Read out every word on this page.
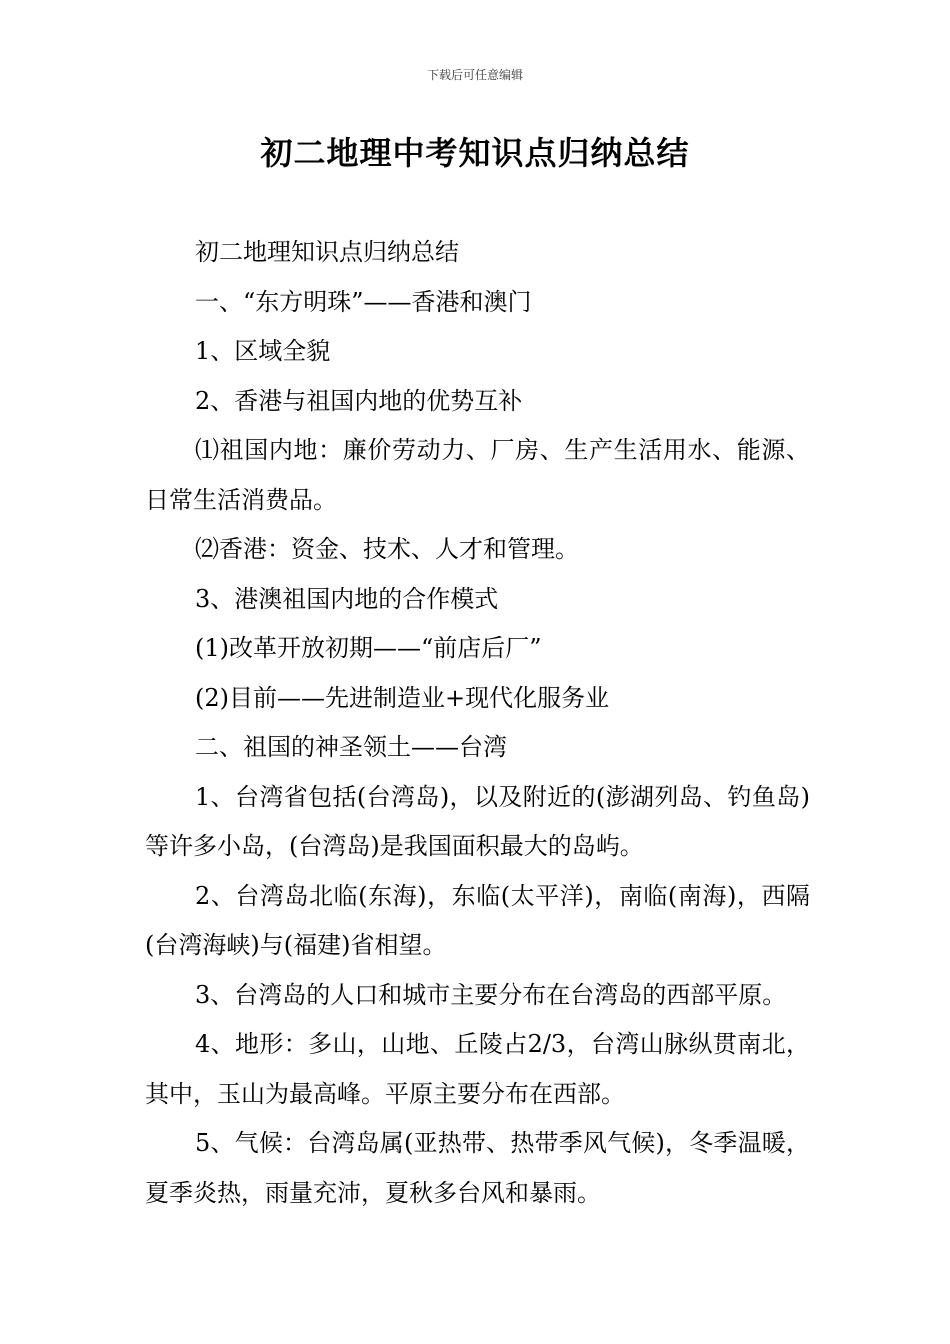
下载后可任意编辑
初二地理中考知识点归纳总结

初二地理知识点归纳总结

一、“东方明珠”——香港和澳门

1、区域全貌

2、香港与祖国内地的优势互补

⑴祖国内地：廉价劳动力、厂房、生产生活用水、能源、日常生活消费品。

⑵香港：资金、技术、人才和管理。

3、港澳祖国内地的合作模式

(1)改革开放初期——“前店后厂”

(2)目前——先进制造业+现代化服务业

二、祖国的神圣领土——台湾

1、台湾省包括(台湾岛)，以及附近的(澎湖列岛、钓鱼岛)等许多小岛，(台湾岛)是我国面积最大的岛屿。

2、台湾岛北临(东海)，东临(太平洋)，南临(南海)，西隔(台湾海峡)与(福建)省相望。

3、台湾岛的人口和城市主要分布在台湾岛的西部平原。

4、地形：多山，山地、丘陵占2/3，台湾山脉纵贯南北，其中，玉山为最高峰。平原主要分布在西部。

5、气候：台湾岛属(亚热带、热带季风气候)，冬季温暖，夏季炎热，雨量充沛，夏秋多台风和暴雨。
